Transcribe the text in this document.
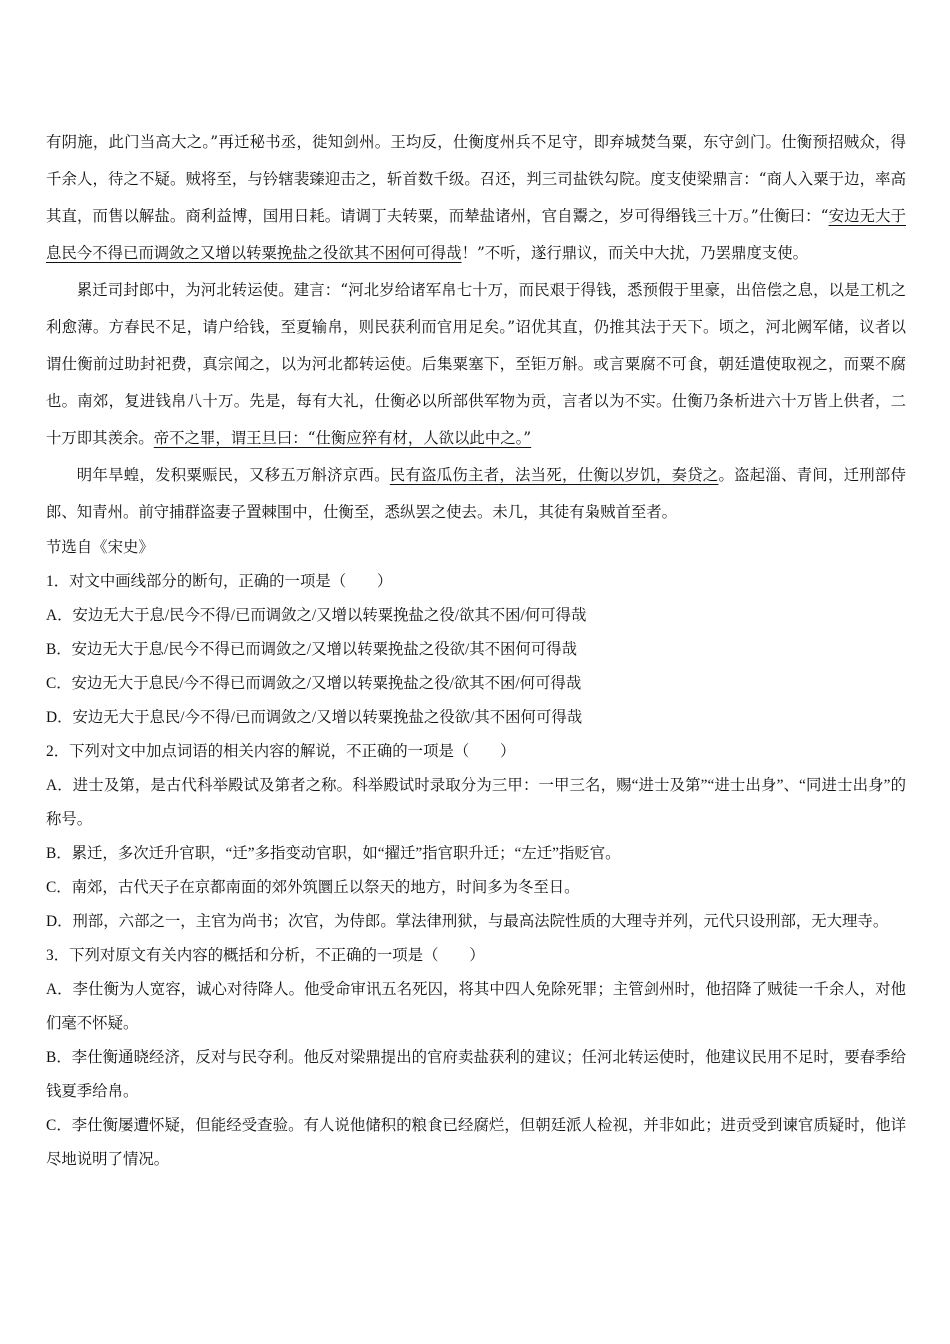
有阴施，此门当高大之。”再迁秘书丞，徙知剑州。王均反，仕衡度州兵不足守，即弃城焚刍粟，东守剑门。仕衡预招贼众，得千余人，待之不疑。贼将至，与钤辖裴臻迎击之，斩首数千级。召还，判三司盐铁勾院。度支使梁鼎言：“商人入粟于边，率高其直，而售以解盐。商利益博，国用日耗。请调丁夫转粟，而辇盐诸州，官自鬻之，岁可得缗钱三十万。”仕衡曰：“安边无大于息民今不得已而调敛之又增以转粟挽盐之役欲其不困何可得哉！”不听，遂行鼎议，而关中大扰，乃罢鼎度支使。

累迁司封郎中，为河北转运使。建言：“河北岁给诸军帛七十万，而民艰于得钱，悉预假于里豪，出倍偿之息，以是工机之利愈薄。方春民不足，请户给钱，至夏输帛，则民获利而官用足矣。”诏优其直，仍推其法于天下。顷之，河北阙军储，议者以谓仕衡前过助封祀费，真宗闻之，以为河北都转运使。后集粟塞下，至钜万斛。或言粟腐不可食，朝廷遣使取视之，而粟不腐也。南郊，复进钱帛八十万。先是，每有大礼，仕衡必以所部供军物为贡，言者以为不实。仕衡乃条析进六十万皆上供者，二十万即其羡余。帝不之罪，谓王旦曰：“仕衡应猝有材，人欲以此中之。”

明年旱蝗，发积粟赈民，又移五万斛济京西。民有盗瓜伤主者，法当死，仕衡以岁饥，奏贷之。盗起淄、青间，迁刑部侍郎、知青州。前守捕群盗妻子置棘围中，仕衡至，悉纵罢之使去。未几，其徒有枭贼首至者。

节选自《宋史》

1．对文中画线部分的断句，正确的一项是（　　）

A．安边无大于息/民今不得/已而调敛之/又增以转粟挽盐之役/欲其不困/何可得哉

B．安边无大于息/民今不得已而调敛之/又增以转粟挽盐之役欲/其不困何可得哉

C．安边无大于息民/今不得已而调敛之/又增以转粟挽盐之役/欲其不困/何可得哉

D．安边无大于息民/今不得/已而调敛之/又增以转粟挽盐之役欲/其不困何可得哉

2．下列对文中加点词语的相关内容的解说，不正确的一项是（　　）

A．进士及第，是古代科举殿试及第者之称。科举殿试时录取分为三甲：一甲三名，赐“进士及第”“进士出身”、“同进士出身”的称号。

B．累迁，多次迁升官职，“迁”多指变动官职，如“擢迁”指官职升迁；“左迁”指贬官。

C．南郊，古代天子在京都南面的郊外筑圜丘以祭天的地方，时间多为冬至日。

D．刑部，六部之一，主官为尚书；次官，为侍郎。掌法律刑狱，与最高法院性质的大理寺并列，元代只设刑部，无大理寺。

3．下列对原文有关内容的概括和分析，不正确的一项是（　　）

A．李仕衡为人宽容，诚心对待降人。他受命审讯五名死囚，将其中四人免除死罪；主管剑州时，他招降了贼徒一千余人，对他们毫不怀疑。

B．李仕衡通晓经济，反对与民夺利。他反对梁鼎提出的官府卖盐获利的建议；任河北转运使时，他建议民用不足时，要春季给钱夏季给帛。

C．李仕衡屡遭怀疑，但能经受查验。有人说他储积的粮食已经腐烂，但朝廷派人检视，并非如此；进贡受到谏官质疑时，他详尽地说明了情况。
